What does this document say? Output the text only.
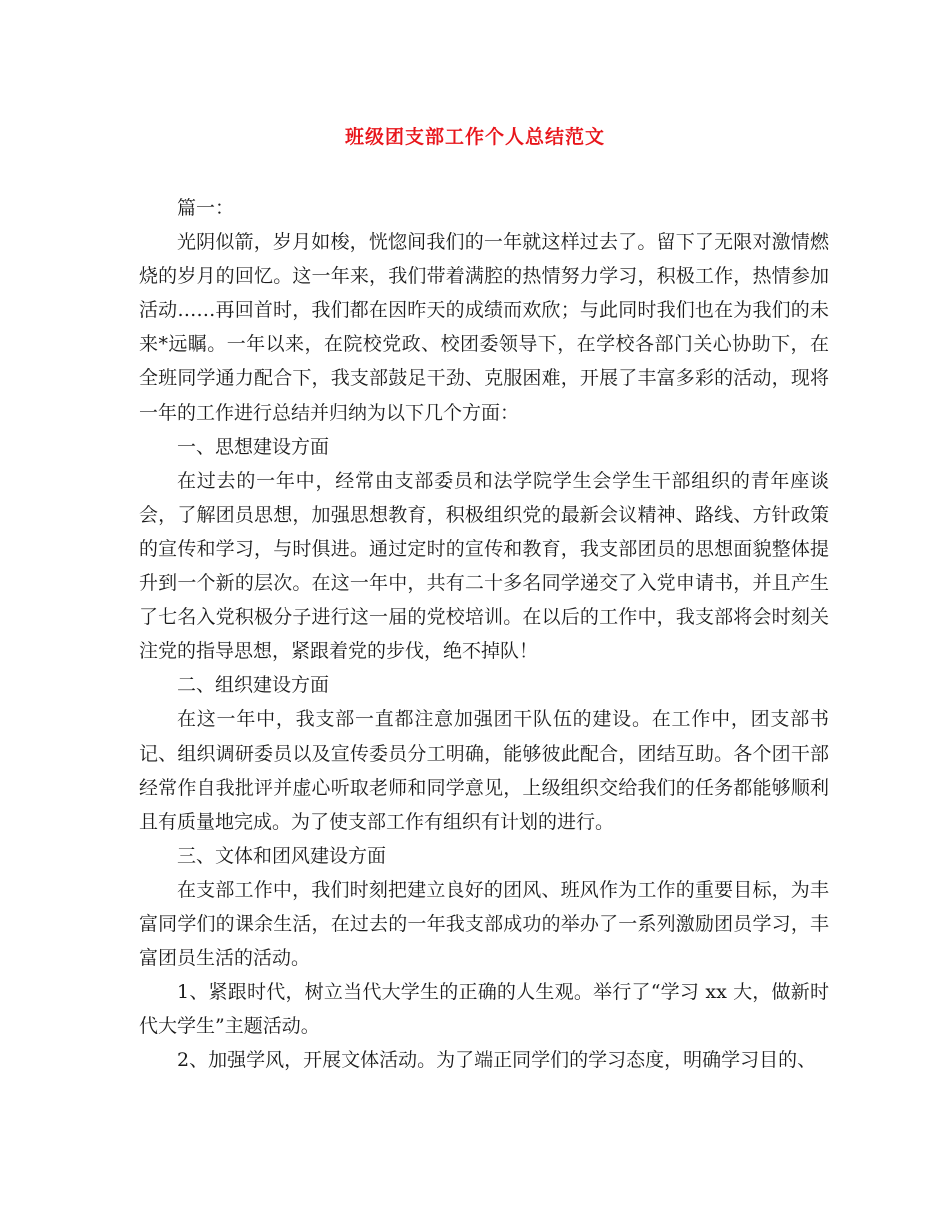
班级团支部工作个人总结范文

篇一：

光阴似箭，岁月如梭，恍惚间我们的一年就这样过去了。留下了无限对激情燃烧的岁月的回忆。这一年来，我们带着满腔的热情努力学习，积极工作，热情参加活动……再回首时，我们都在因昨天的成绩而欢欣；与此同时我们也在为我们的未来*远瞩。一年以来，在院校党政、校团委领导下，在学校各部门关心协助下，在全班同学通力配合下，我支部鼓足干劲、克服困难，开展了丰富多彩的活动，现将一年的工作进行总结并归纳为以下几个方面：

一、思想建设方面

在过去的一年中，经常由支部委员和法学院学生会学生干部组织的青年座谈会，了解团员思想，加强思想教育，积极组织党的最新会议精神、路线、方针政策的宣传和学习，与时俱进。通过定时的宣传和教育，我支部团员的思想面貌整体提升到一个新的层次。在这一年中，共有二十多名同学递交了入党申请书，并且产生了七名入党积极分子进行这一届的党校培训。在以后的工作中，我支部将会时刻关注党的指导思想，紧跟着党的步伐，绝不掉队！

二、组织建设方面

在这一年中，我支部一直都注意加强团干队伍的建设。在工作中，团支部书记、组织调研委员以及宣传委员分工明确，能够彼此配合，团结互助。各个团干部经常作自我批评并虚心听取老师和同学意见，上级组织交给我们的任务都能够顺利且有质量地完成。为了使支部工作有组织有计划的进行。

三、文体和团风建设方面

在支部工作中，我们时刻把建立良好的团风、班风作为工作的重要目标，为丰富同学们的课余生活，在过去的一年我支部成功的举办了一系列激励团员学习，丰富团员生活的活动。

1、紧跟时代，树立当代大学生的正确的人生观。举行了“学习 xx 大，做新时代大学生”主题活动。

2、加强学风，开展文体活动。为了端正同学们的学习态度，明确学习目的、
